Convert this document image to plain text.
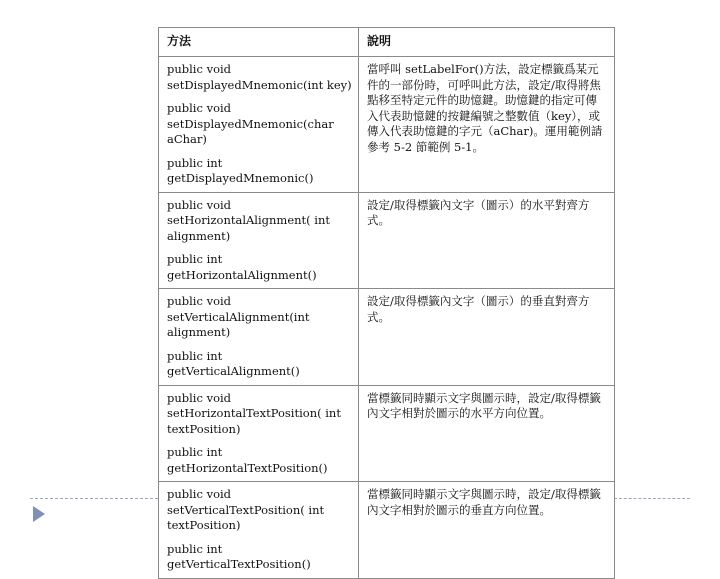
方法	說明

public void setDisplayedMnemonic(int key)
public void setDisplayedMnemonic(char aChar)
public int getDisplayedMnemonic()	當呼叫 setLabelFor()方法，設定標籤爲某元件的一部份時，可呼叫此方法，設定/取得將焦點移至特定元件的助憶鍵。助憶鍵的指定可傳入代表助憶鍵的按鍵編號之整數值（key），或傳入代表助憶鍵的字元（aChar)。運用範例請參考 5-2 節範例 5-1。

public void setHorizontalAlignment( int alignment)
public int getHorizontalAlignment()	設定/取得標籤內文字（圖示）的水平對齊方式。

public void setVerticalAlignment(int alignment)
public int getVerticalAlignment()	設定/取得標籤內文字（圖示）的垂直對齊方式。

public void setHorizontalTextPosition( int textPosition)
public int getHorizontalTextPosition()	當標籤同時顯示文字與圖示時，設定/取得標籤內文字相對於圖示的水平方向位置。

public void setVerticalTextPosition( int textPosition)
public int getVerticalTextPosition()	當標籤同時顯示文字與圖示時，設定/取得標籤內文字相對於圖示的垂直方向位置。
